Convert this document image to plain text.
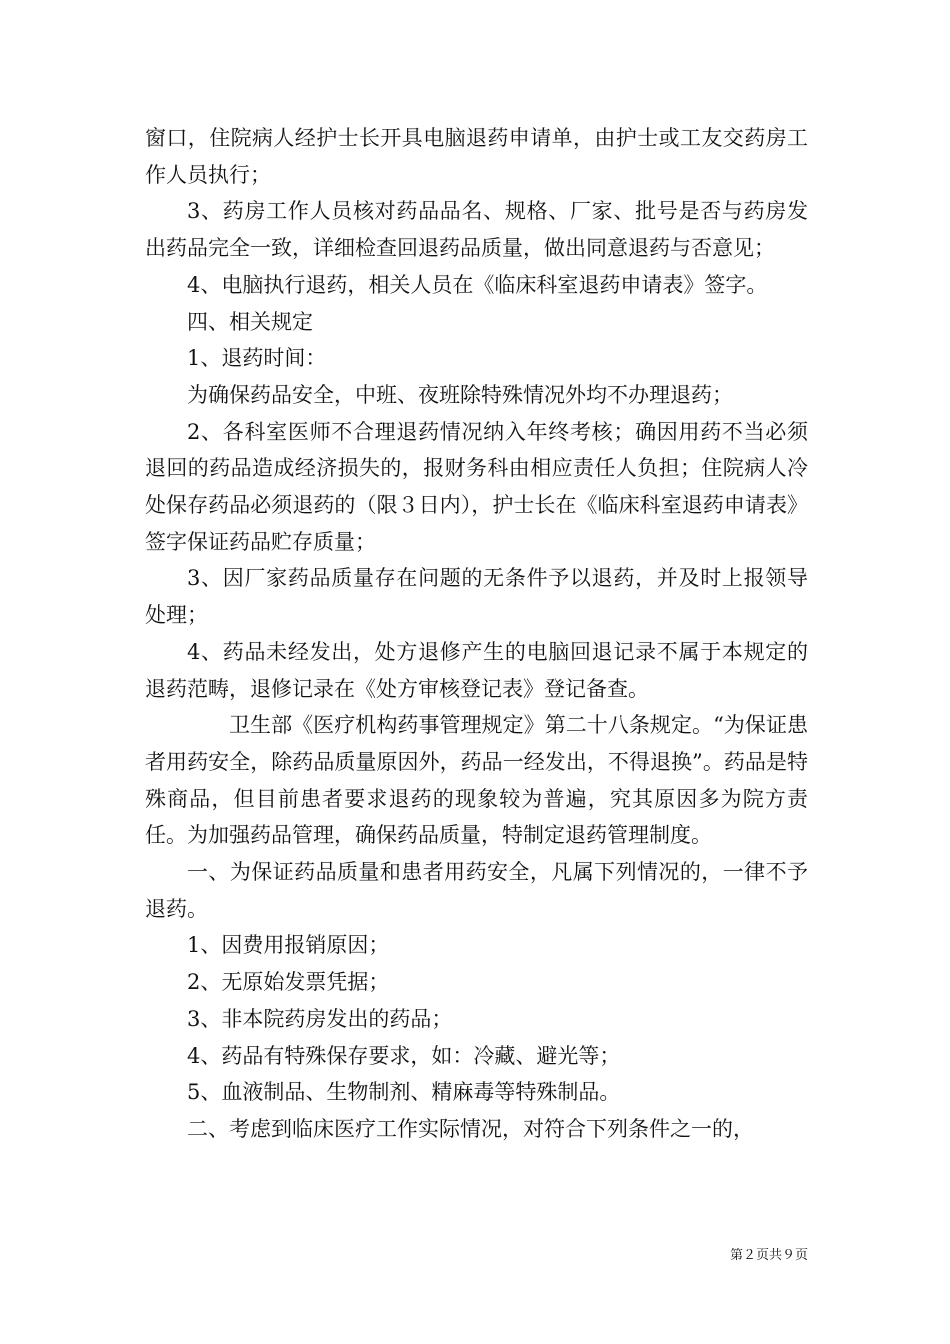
窗口，住院病人经护士长开具电脑退药申请单，由护士或工友交药房工作人员执行；

3、药房工作人员核对药品品名、规格、厂家、批号是否与药房发出药品完全一致，详细检查回退药品质量，做出同意退药与否意见；

4、电脑执行退药，相关人员在《临床科室退药申请表》签字。

四、相关规定

1、退药时间：

为确保药品安全，中班、夜班除特殊情况外均不办理退药；

2、各科室医师不合理退药情况纳入年终考核；确因用药不当必须退回的药品造成经济损失的，报财务科由相应责任人负担；住院病人冷处保存药品必须退药的（限３日内），护士长在《临床科室退药申请表》签字保证药品贮存质量；

3、因厂家药品质量存在问题的无条件予以退药，并及时上报领导处理；

4、药品未经发出，处方退修产生的电脑回退记录不属于本规定的退药范畴，退修记录在《处方审核登记表》登记备查。

卫生部《医疗机构药事管理规定》第二十八条规定。“为保证患者用药安全，除药品质量原因外，药品一经发出，不得退换”。药品是特殊商品，但目前患者要求退药的现象较为普遍，究其原因多为院方责任。为加强药品管理，确保药品质量，特制定退药管理制度。

一、为保证药品质量和患者用药安全，凡属下列情况的，一律不予退药。

1、因费用报销原因；

2、无原始发票凭据；

3、非本院药房发出的药品；

4、药品有特殊保存要求，如：冷藏、避光等；

5、血液制品、生物制剂、精麻毒等特殊制品。

二、考虑到临床医疗工作实际情况，对符合下列条件之一的，

第２页共９页
